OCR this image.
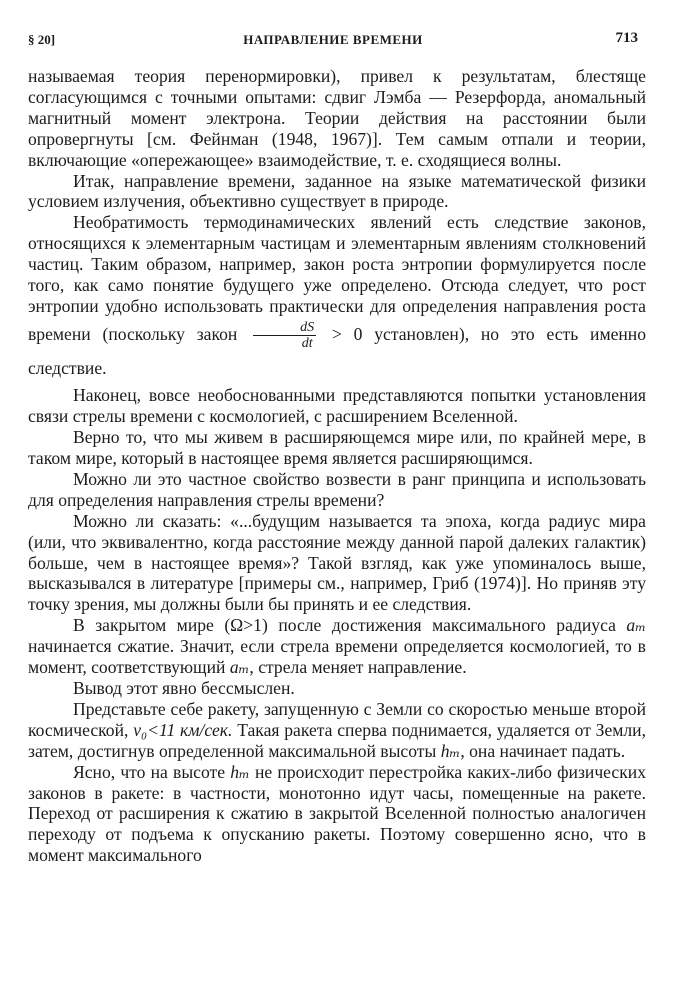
§ 20]	НАПРАВЛЕНИЕ ВРЕМЕНИ	713

называемая теория перенормировки), привел к результатам, блестяще согласующимся с точными опытами: сдвиг Лэмба — Резерфорда, аномальный магнитный момент электрона. Теории действия на расстоянии были опровергнуты [см. Фейнман (1948, 1967)]. Тем самым отпали и теории, включающие «опережающее» взаимодействие, т. е. сходящиеся волны.

Итак, направление времени, заданное на языке математической физики условием излучения, объективно существует в природе.

Необратимость термодинамических явлений есть следствие законов, относящихся к элементарным частицам и элементарным явлениям столкновений частиц. Таким образом, например, закон роста энтропии формулируется после того, как само понятие будущего уже определено. Отсюда следует, что рост энтропии удобно использовать практически для определения направления роста времени (поскольку закон $\frac{dS}{dt} > 0$ установлен), но это есть именно следствие.

Наконец, вовсе необоснованными представляются попытки установления связи стрелы времени с космологией, с расширением Вселенной.

Верно то, что мы живем в расширяющемся мире или, по крайней мере, в таком мире, который в настоящее время является расширяющимся.

Можно ли это частное свойство возвести в ранг принципа и использовать для определения направления стрелы времени?

Можно ли сказать: «...будущим называется та эпоха, когда радиус мира (или, что эквивалентно, когда расстояние между данной парой далеких галактик) больше, чем в настоящее время»? Такой взгляд, как уже упоминалось выше, высказывался в литературе [примеры см., например, Гриб (1974)]. Но приняв эту точку зрения, мы должны были бы принять и ее следствия.

В закрытом мире (Ω>1) после достижения максимального радиуса aₘ начинается сжатие. Значит, если стрела времени определяется космологией, то в момент, соответствующий aₘ, стрела меняет направление.

Вывод этот явно бессмыслен.

Представьте себе ракету, запущенную с Земли со скоростью меньше второй космической, v₀<11 км/сек. Такая ракета сперва поднимается, удаляется от Земли, затем, достигнув определенной максимальной высоты hₘ, она начинает падать.

Ясно, что на высоте hₘ не происходит перестройка каких-либо физических законов в ракете: в частности, монотонно идут часы, помещенные на ракете. Переход от расширения к сжатию в закрытой Вселенной полностью аналогичен переходу от подъема к опусканию ракеты. Поэтому совершенно ясно, что в момент максимального
